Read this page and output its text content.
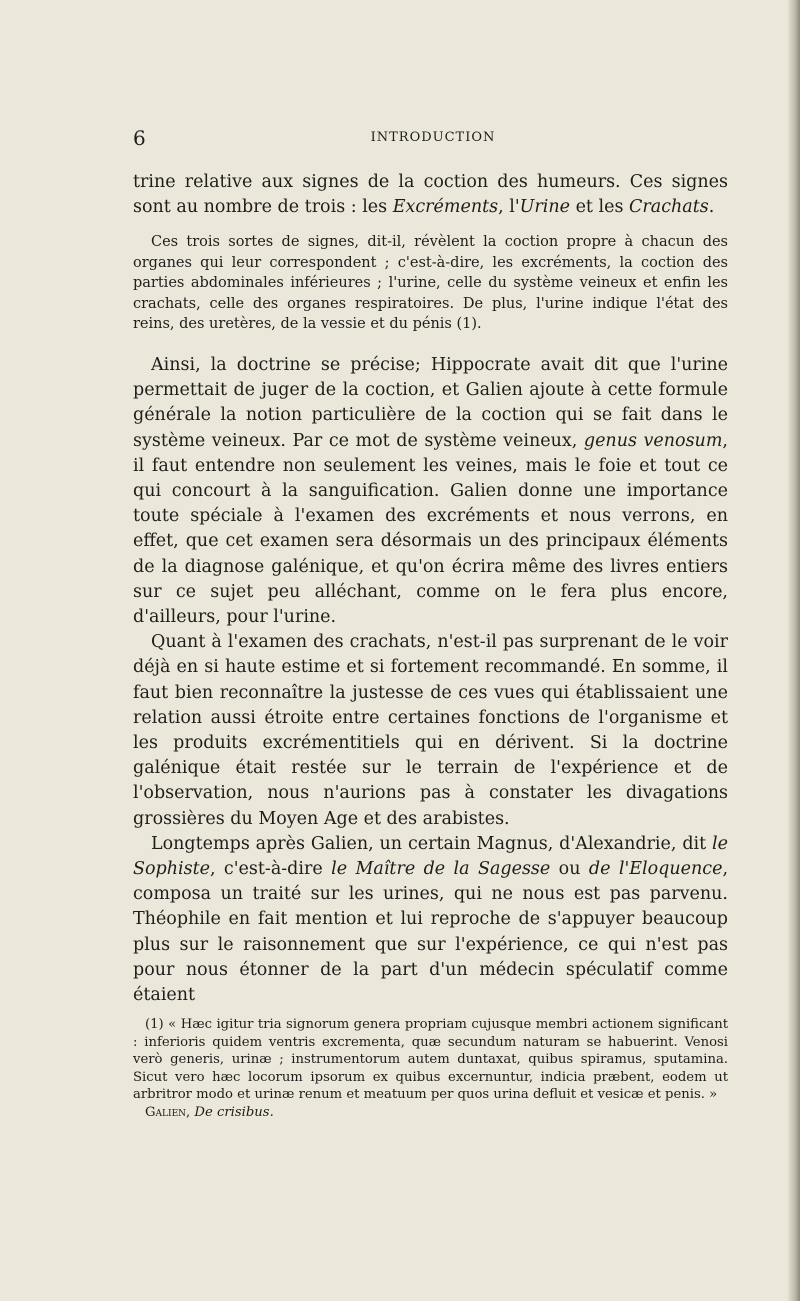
6	INTRODUCTION

trine relative aux signes de la coction des humeurs. Ces signes sont au nombre de trois : les Excréments, l'Urine et les Crachats.

Ces trois sortes de signes, dit-il, révèlent la coction propre à chacun des organes qui leur correspondent ; c'est-à-dire, les excréments, la coction des parties abdominales inférieures ; l'urine, celle du système veineux et enfin les crachats, celle des organes respiratoires. De plus, l'urine indique l'état des reins, des uretères, de la vessie et du pénis (1).

Ainsi, la doctrine se précise; Hippocrate avait dit que l'urine permettait de juger de la coction, et Galien ajoute à cette formule générale la notion particulière de la coction qui se fait dans le système veineux. Par ce mot de système veineux, genus venosum, il faut entendre non seulement les veines, mais le foie et tout ce qui concourt à la sanguification. Galien donne une importance toute spéciale à l'examen des excréments et nous verrons, en effet, que cet examen sera désormais un des principaux éléments de la diagnose galénique, et qu'on écrira même des livres entiers sur ce sujet peu alléchant, comme on le fera plus encore, d'ailleurs, pour l'urine.

Quant à l'examen des crachats, n'est-il pas surprenant de le voir déjà en si haute estime et si fortement recommandé. En somme, il faut bien reconnaître la justesse de ces vues qui établissaient une relation aussi étroite entre certaines fonctions de l'organisme et les produits excrémentitiels qui en dérivent. Si la doctrine galénique était restée sur le terrain de l'expérience et de l'observation, nous n'aurions pas à constater les divagations grossières du Moyen Age et des arabistes.

Longtemps après Galien, un certain Magnus, d'Alexandrie, dit le Sophiste, c'est-à-dire le Maître de la Sagesse ou de l'Eloquence, composa un traité sur les urines, qui ne nous est pas parvenu. Théophile en fait mention et lui reproche de s'appuyer beaucoup plus sur le raisonnement que sur l'expérience, ce qui n'est pas pour nous étonner de la part d'un médecin spéculatif comme étaient

(1) « Hæc igitur tria signorum genera propriam cujusque membri actionem significant : inferioris quidem ventris excrementa, quæ secundum naturam se habuerint. Venosi verò generis, urinæ ; instrumentorum autem duntaxat, quibus spiramus, sputamina. Sicut vero hæc locorum ipsorum ex quibus excernuntur, indicia præbent, eodem ut arbritror modo et urinæ renum et meatuum per quos urina defluit et vesicæ et penis. »

Galien, De crisibus.
